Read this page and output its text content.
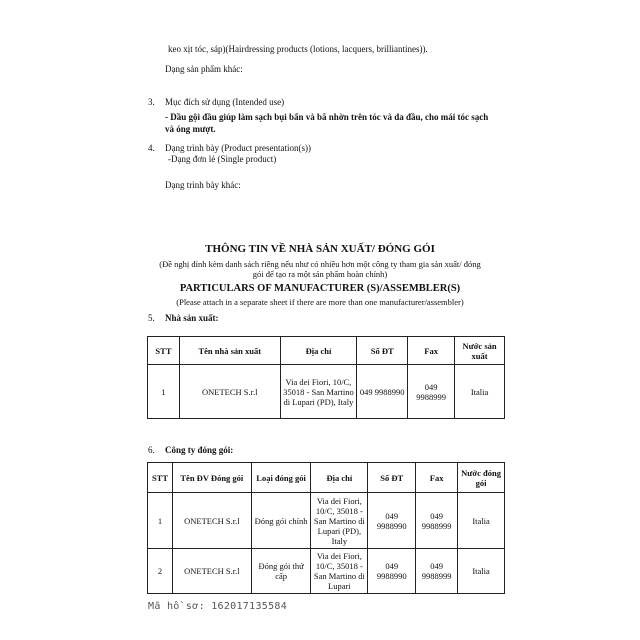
keo xịt tóc, sáp)(Hairdressing products (lotions, lacquers, brilliantines)).
Dạng sản phẩm khác:
3. Mục đích sử dụng (Intended use)
- Dầu gội đầu giúp làm sạch bụi bẩn và bã nhờn trên tóc và da đầu, cho mái tóc sạch
và óng mượt.
4. Dạng trình bày (Product presentation(s))
-Dạng đơn lẻ (Single product)
Dạng trình bày khác:
THÔNG TIN VỀ NHÀ SẢN XUẤT/ ĐÓNG GÓI
(Đề nghị đính kèm danh sách riêng nếu như có nhiều hơn một công ty tham gia sản xuất/ đóng
gói để tạo ra một sản phẩm hoàn chỉnh)
PARTICULARS OF MANUFACTURER (S)/ASSEMBLER(S)
(Please attach in a separate sheet if there are more than one manufacturer/assembler)
5. Nhà sản xuất:
STT	Tên nhà sản xuất	Địa chỉ	Số ĐT	Fax	Nước sản xuất
1	ONETECH S.r.l	Via dei Fiori, 10/C, 35018 - San Martino di Lupari (PD), Italy	049 9988990	049 9988999	Italia
6. Công ty đóng gói:
STT	Tên ĐV Đóng gói	Loại đóng gói	Địa chỉ	Số ĐT	Fax	Nước đóng gói
1	ONETECH S.r.l	Đóng gói chính	Via dei Fiori, 10/C, 35018 - San Martino di Lupari (PD), Italy	049 9988990	049 9988999	Italia
2	ONETECH S.r.l	Đóng gói thứ cấp	Via dei Fiori, 10/C, 35018 - San Martino di Lupari	049 9988990	049 9988999	Italia
Mã hồ sơ: 162017135584
